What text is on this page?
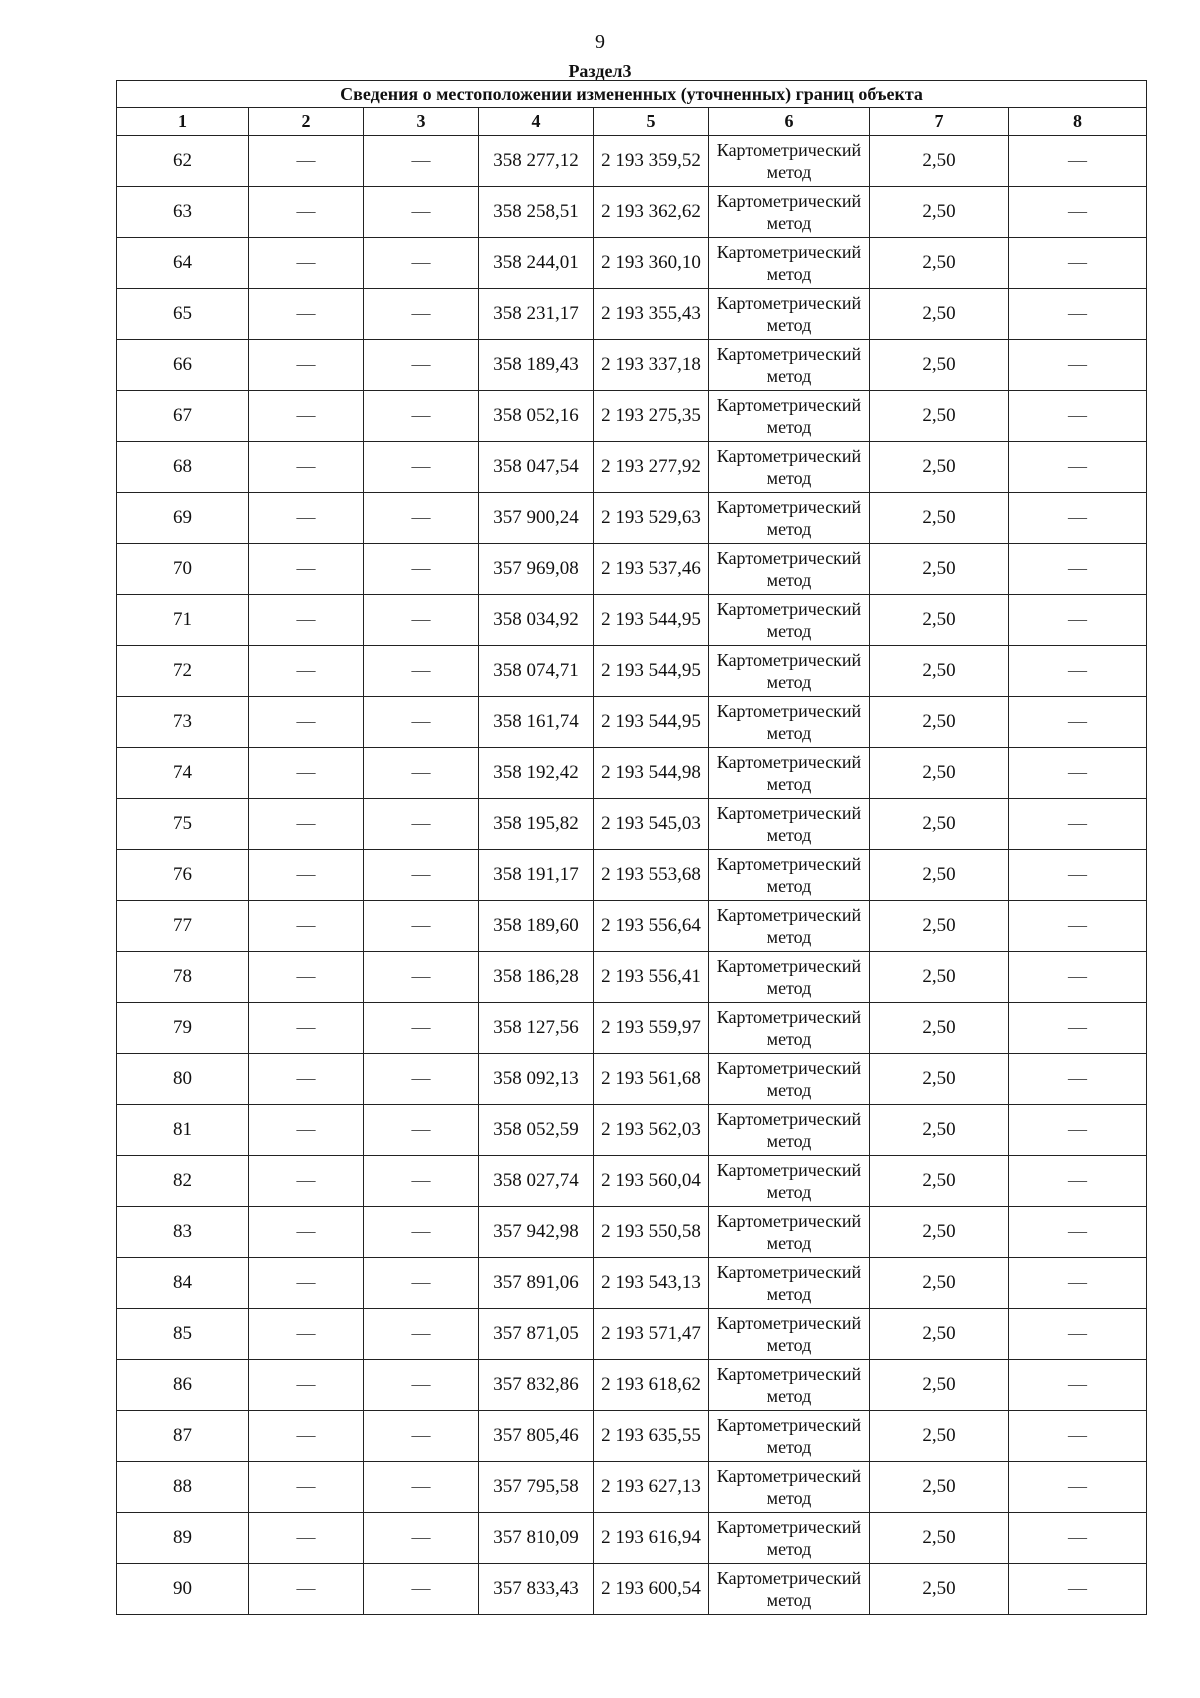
9
Раздел3
Сведения о местоположении измененных (уточненных) границ объекта							
1	2	3	4	5	6	7	8
62	—	—	358 277,12	2 193 359,52	Картометрический метод	2,50	—
63	—	—	358 258,51	2 193 362,62	Картометрический метод	2,50	—
64	—	—	358 244,01	2 193 360,10	Картометрический метод	2,50	—
65	—	—	358 231,17	2 193 355,43	Картометрический метод	2,50	—
66	—	—	358 189,43	2 193 337,18	Картометрический метод	2,50	—
67	—	—	358 052,16	2 193 275,35	Картометрический метод	2,50	—
68	—	—	358 047,54	2 193 277,92	Картометрический метод	2,50	—
69	—	—	357 900,24	2 193 529,63	Картометрический метод	2,50	—
70	—	—	357 969,08	2 193 537,46	Картометрический метод	2,50	—
71	—	—	358 034,92	2 193 544,95	Картометрический метод	2,50	—
72	—	—	358 074,71	2 193 544,95	Картометрический метод	2,50	—
73	—	—	358 161,74	2 193 544,95	Картометрический метод	2,50	—
74	—	—	358 192,42	2 193 544,98	Картометрический метод	2,50	—
75	—	—	358 195,82	2 193 545,03	Картометрический метод	2,50	—
76	—	—	358 191,17	2 193 553,68	Картометрический метод	2,50	—
77	—	—	358 189,60	2 193 556,64	Картометрический метод	2,50	—
78	—	—	358 186,28	2 193 556,41	Картометрический метод	2,50	—
79	—	—	358 127,56	2 193 559,97	Картометрический метод	2,50	—
80	—	—	358 092,13	2 193 561,68	Картометрический метод	2,50	—
81	—	—	358 052,59	2 193 562,03	Картометрический метод	2,50	—
82	—	—	358 027,74	2 193 560,04	Картометрический метод	2,50	—
83	—	—	357 942,98	2 193 550,58	Картометрический метод	2,50	—
84	—	—	357 891,06	2 193 543,13	Картометрический метод	2,50	—
85	—	—	357 871,05	2 193 571,47	Картометрический метод	2,50	—
86	—	—	357 832,86	2 193 618,62	Картометрический метод	2,50	—
87	—	—	357 805,46	2 193 635,55	Картометрический метод	2,50	—
88	—	—	357 795,58	2 193 627,13	Картометрический метод	2,50	—
89	—	—	357 810,09	2 193 616,94	Картометрический метод	2,50	—
90	—	—	357 833,43	2 193 600,54	Картометрический метод	2,50	—
